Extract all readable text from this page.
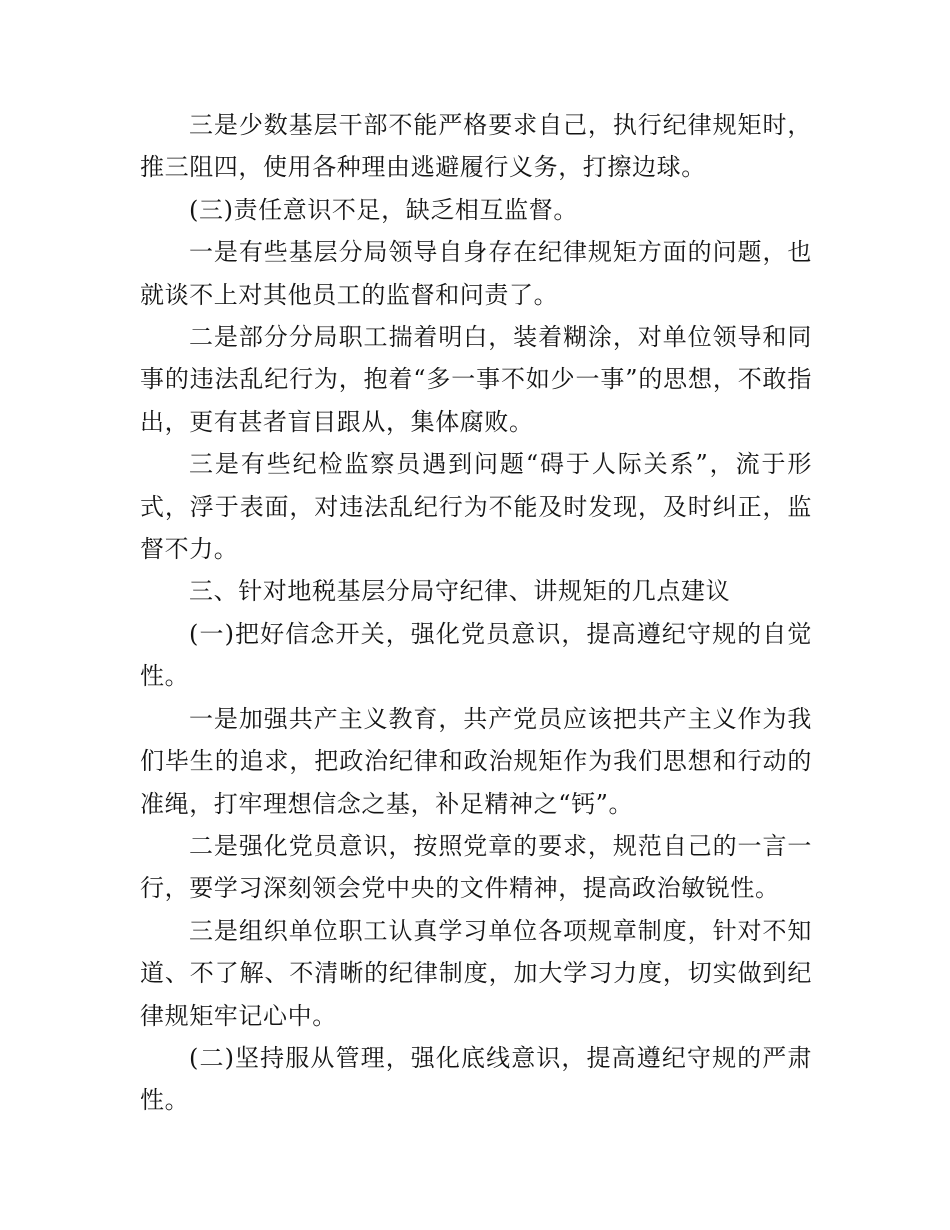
三是少数基层干部不能严格要求自己，执行纪律规矩时，推三阻四，使用各种理由逃避履行义务，打擦边球。

(三)责任意识不足，缺乏相互监督。

一是有些基层分局领导自身存在纪律规矩方面的问题，也就谈不上对其他员工的监督和问责了。

二是部分分局职工揣着明白，装着糊涂，对单位领导和同事的违法乱纪行为，抱着“多一事不如少一事”的思想，不敢指出，更有甚者盲目跟从，集体腐败。

三是有些纪检监察员遇到问题“碍于人际关系”，流于形式，浮于表面，对违法乱纪行为不能及时发现，及时纠正，监督不力。

三、针对地税基层分局守纪律、讲规矩的几点建议

(一)把好信念开关，强化党员意识，提高遵纪守规的自觉性。

一是加强共产主义教育，共产党员应该把共产主义作为我们毕生的追求，把政治纪律和政治规矩作为我们思想和行动的准绳，打牢理想信念之基，补足精神之“钙”。

二是强化党员意识，按照党章的要求，规范自己的一言一行，要学习深刻领会党中央的文件精神，提高政治敏锐性。

三是组织单位职工认真学习单位各项规章制度，针对不知道、不了解、不清晰的纪律制度，加大学习力度，切实做到纪律规矩牢记心中。

(二)坚持服从管理，强化底线意识，提高遵纪守规的严肃性。
